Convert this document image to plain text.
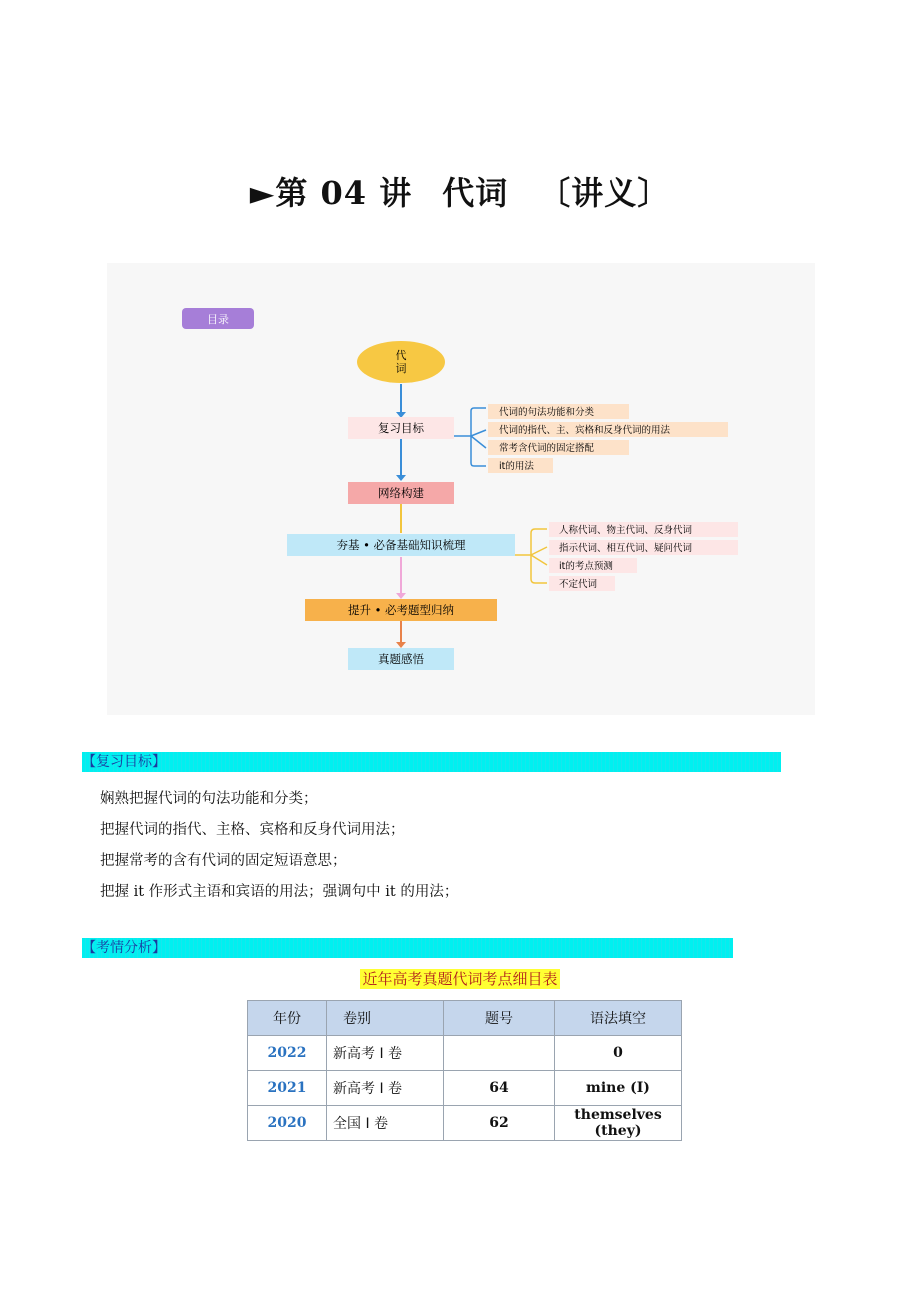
►第 04 讲 代词 〔讲义〕
目录
代
词
复习目标
网络构建
夯基 • 必备基础知识梳理
提升 • 必考题型归纳
真题感悟
代词的句法功能和分类
代词的指代、主、宾格和反身代词的用法
常考含代词的固定搭配
it的用法
人称代词、物主代词、反身代词
指示代词、相互代词、疑问代词
it的考点预测
不定代词
【复习目标】
娴熟把握代词的句法功能和分类；
把握代词的指代、主格、宾格和反身代词用法；
把握常考的含有代词的固定短语意思；
把握 it 作形式主语和宾语的用法；强调句中 it 的用法；
【考情分析】
近年高考真题代词考点细目表
年份	卷别	题号	语法填空
2022	新高考 I 卷		0
2021	新高考 I 卷	64	mine (I)
2020	全国 I 卷	62	themselves (they)
